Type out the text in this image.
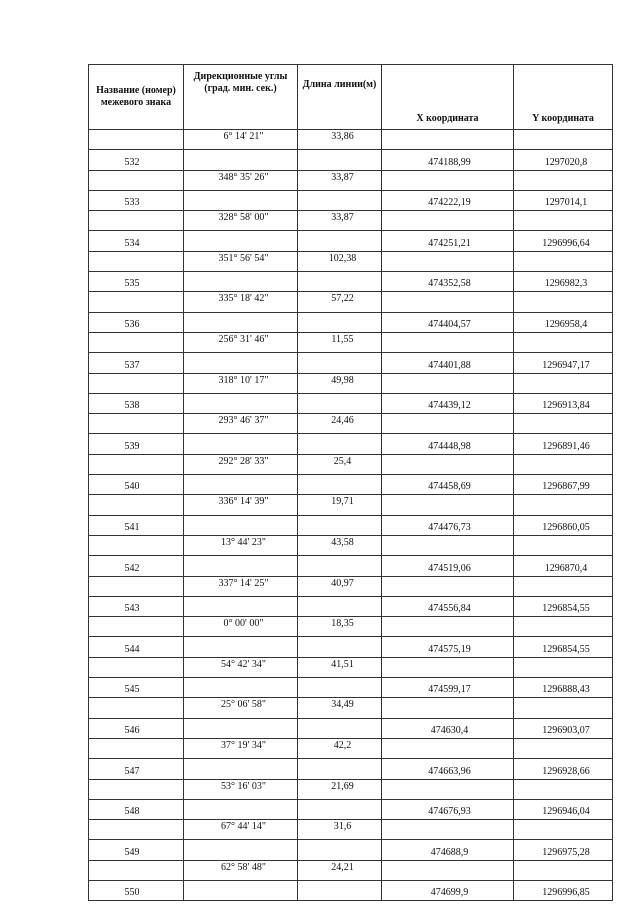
Название (номер) межевого знака	Дирекционные углы (град. мин. сек.)	Длина линии(м)	X координата	Y координата
	6° 14' 21"	33,86		
532			474188,99	1297020,8
	348° 35' 26"	33,87		
533			474222,19	1297014,1
	328° 58' 00"	33,87		
534			474251,21	1296996,64
	351° 56' 54"	102,38		
535			474352,58	1296982,3
	335° 18' 42"	57,22		
536			474404,57	1296958,4
	256° 31' 46"	11,55		
537			474401,88	1296947,17
	318° 10' 17"	49,98		
538			474439,12	1296913,84
	293° 46' 37"	24,46		
539			474448,98	1296891,46
	292° 28' 33"	25,4		
540			474458,69	1296867,99
	336° 14' 39"	19,71		
541			474476,73	1296860,05
	13° 44' 23"	43,58		
542			474519,06	1296870,4
	337° 14' 25"	40,97		
543			474556,84	1296854,55
	0° 00' 00"	18,35		
544			474575,19	1296854,55
	54° 42' 34"	41,51		
545			474599,17	1296888,43
	25° 06' 58"	34,49		
546			474630,4	1296903,07
	37° 19' 34"	42,2		
547			474663,96	1296928,66
	53° 16' 03"	21,69		
548			474676,93	1296946,04
	67° 44' 14"	31,6		
549			474688,9	1296975,28
	62° 58' 48"	24,21		
550			474699,9	1296996,85
